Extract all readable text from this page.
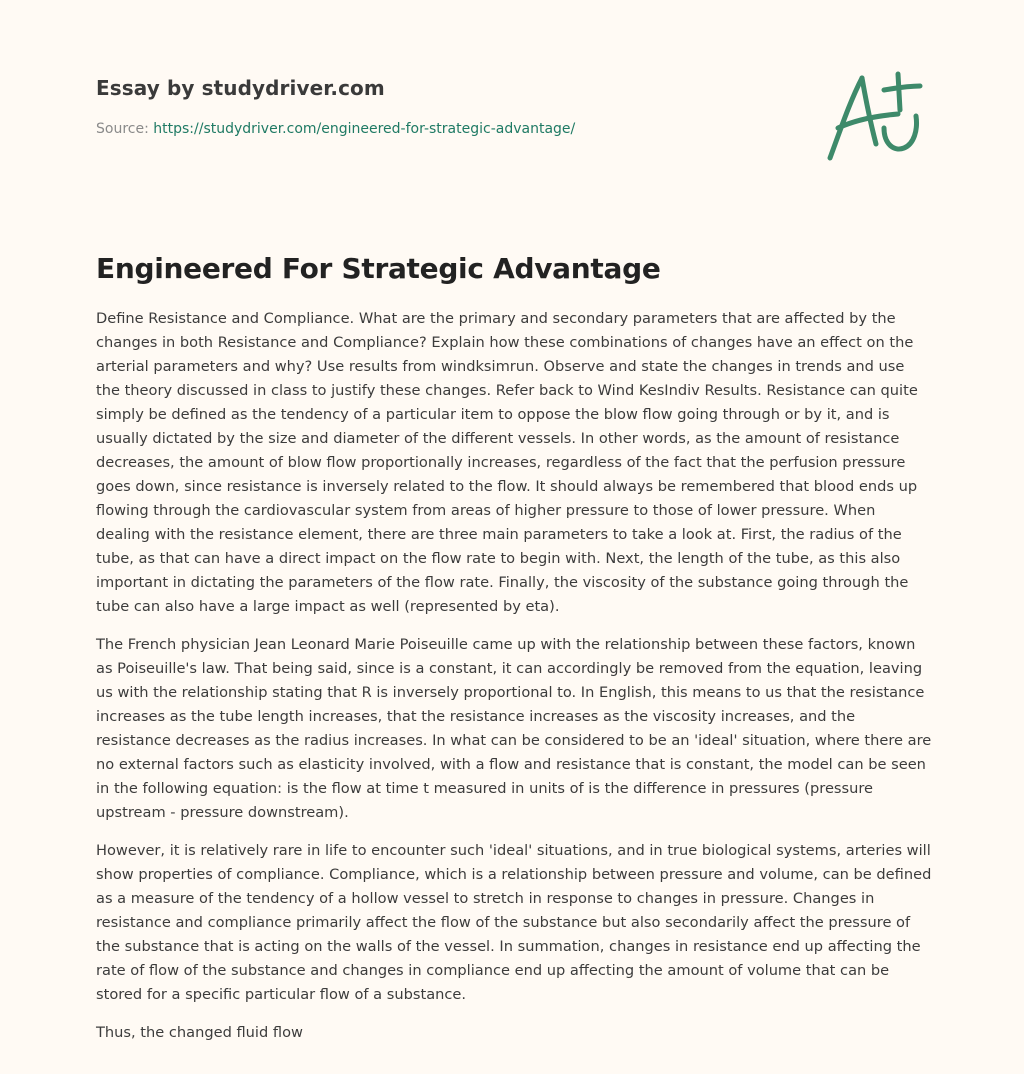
Essay by studydriver.com
Source: https://studydriver.com/engineered-for-strategic-advantage/
Engineered For Strategic Advantage

Define Resistance and Compliance. What are the primary and secondary parameters that are affected by the changes in both Resistance and Compliance? Explain how these combinations of changes have an effect on the arterial parameters and why? Use results from windksimrun. Observe and state the changes in trends and use the theory discussed in class to justify these changes. Refer back to Wind KesIndiv Results. Resistance can quite simply be defined as the tendency of a particular item to oppose the blow flow going through or by it, and is usually dictated by the size and diameter of the different vessels. In other words, as the amount of resistance decreases, the amount of blow flow proportionally increases, regardless of the fact that the perfusion pressure goes down, since resistance is inversely related to the flow. It should always be remembered that blood ends up flowing through the cardiovascular system from areas of higher pressure to those of lower pressure. When dealing with the resistance element, there are three main parameters to take a look at. First, the radius of the tube, as that can have a direct impact on the flow rate to begin with. Next, the length of the tube, as this also important in dictating the parameters of the flow rate. Finally, the viscosity of the substance going through the tube can also have a large impact as well (represented by eta).

The French physician Jean Leonard Marie Poiseuille came up with the relationship between these factors, known as Poiseuille's law. That being said, since is a constant, it can accordingly be removed from the equation, leaving us with the relationship stating that R is inversely proportional to. In English, this means to us that the resistance increases as the tube length increases, that the resistance increases as the viscosity increases, and the resistance decreases as the radius increases. In what can be considered to be an 'ideal' situation, where there are no external factors such as elasticity involved, with a flow and resistance that is constant, the model can be seen in the following equation: is the flow at time t measured in units of is the difference in pressures (pressure upstream - pressure downstream).

However, it is relatively rare in life to encounter such 'ideal' situations, and in true biological systems, arteries will show properties of compliance. Compliance, which is a relationship between pressure and volume, can be defined as a measure of the tendency of a hollow vessel to stretch in response to changes in pressure. Changes in resistance and compliance primarily affect the flow of the substance but also secondarily affect the pressure of the substance that is acting on the walls of the vessel. In summation, changes in resistance end up affecting the rate of flow of the substance and changes in compliance end up affecting the amount of volume that can be stored for a specific particular flow of a substance.

Thus, the changed fluid flow
